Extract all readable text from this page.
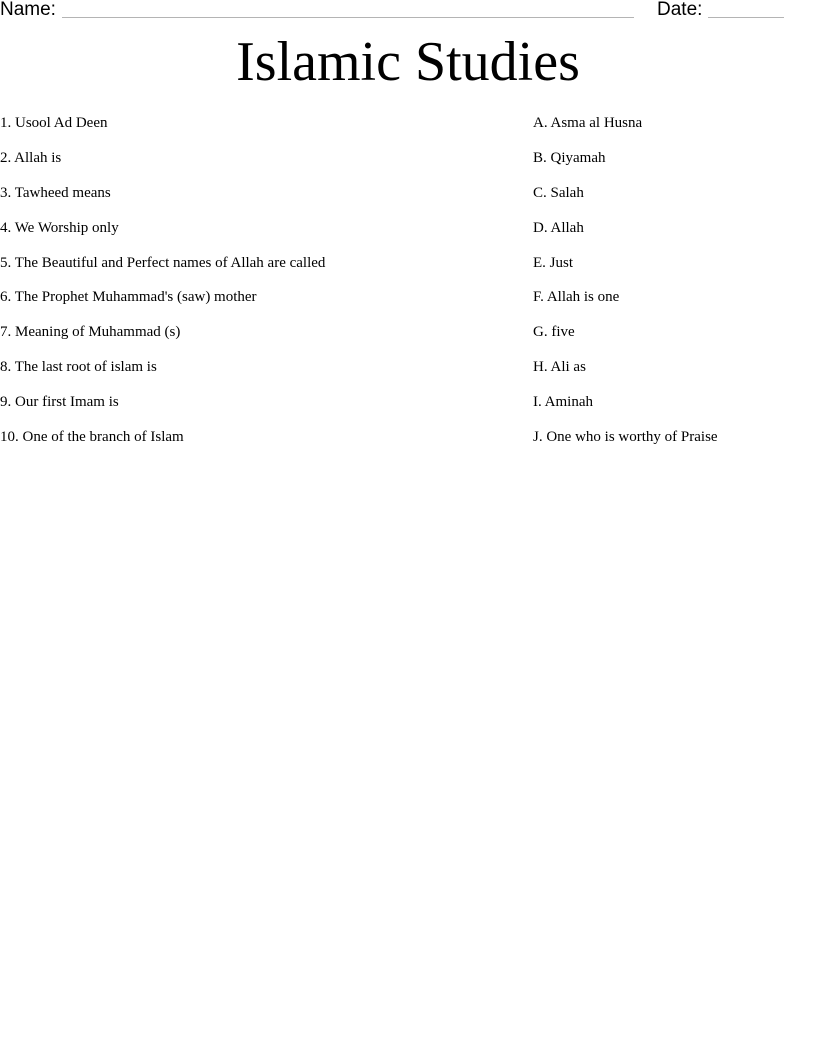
Name:	Date:
Islamic Studies
1. Usool Ad Deen
2. Allah is
3. Tawheed means
4. We Worship only
5. The Beautiful and Perfect names of Allah are called
6. The Prophet Muhammad's (saw) mother
7. Meaning of Muhammad (s)
8. The last root of islam is
9. Our first Imam is
10. One of the branch of Islam
A. Asma al Husna
B. Qiyamah
C. Salah
D. Allah
E. Just
F. Allah is one
G. five
H. Ali as
I. Aminah
J. One who is worthy of Praise
